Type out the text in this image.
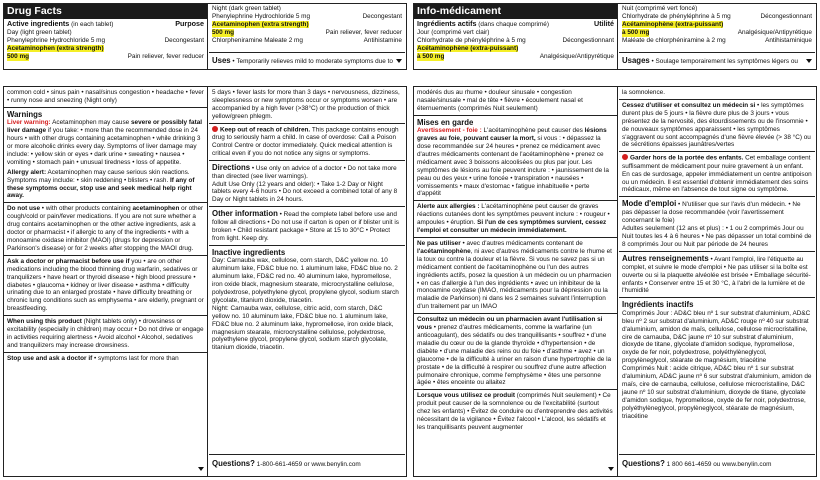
Drug Facts
Active ingredients (in each tablet)	Purpose
Day (light green tablet)
Phenylephrine Hydrochloride 5 mg	Decongestant
Acetaminophen (extra strength)
500 mg	Pain reliever, fever reducer
Night (dark green tablet)
Phenylephrine Hydrochloride 5 mg	Decongestant
Acetaminophen (extra strength)
500 mg	Pain reliever, fever reducer
Chlorpheniramine Maleate 2 mg	Antihistamine
Uses • Temporarily relieves mild to moderate symptoms due to
Info-médicament
Ingrédients actifs (dans chaque comprimé)	Utilité
Jour (comprimé vert clair)
Chlorhydrate de phényléphrine à 5 mg	Décongestionnant
Acétaminophène (extra-puissant)
à 500 mg	Analgésique/Antipyrétique
Nuit (comprimé vert foncé)
Chlorhydrate de phényléphrine à 5 mg	Décongestionnant
Acétaminophène (extra-puissant)
à 500 mg	Analgésique/Antipyrétique
Maléate de chlorphéniramine à 2 mg	Antihistaminique
Usages • Soulage temporairement les symptômes légers ou
common cold • sinus pain • nasal/sinus congestion • headache • fever • runny nose and sneezing (Night only)
Warnings
Liver warning: Acetaminophen may cause severe or possibly fatal liver damage if you take: • more than the recommended dose in 24 hours • with other drugs containing acetaminophen • while drinking 3 or more alcoholic drinks every day. Symptoms of liver damage may include: • yellow skin or eyes • dark urine • sweating • nausea • vomiting • stomach pain • unusual tiredness • loss of appetite.
Allergy alert: Acetaminophen may cause serious skin reactions. Symptoms may include: • skin reddening • blisters • rash. If any of these symptoms occur, stop use and seek medical help right away.
Do not use • with other products containing acetaminophen or other cough/cold or pain/fever medications. If you are not sure whether a drug contains acetaminophen or the other active ingredients, ask a doctor or pharmacist • if allergic to any of the ingredients • with a monoamine oxidase inhibitor (MAOI) (drugs for depression or Parkinson's disease) or for 2 weeks after stopping the MAOI drug.
Ask a doctor or pharmacist before use if you • are on other medications including the blood thinning drug warfarin, sedatives or tranquilizers • have heart or thyroid disease • high blood pressure • diabetes • glaucoma • kidney or liver disease • asthma • difficulty urinating due to an enlarged prostate • have difficulty breathing or chronic lung conditions such as emphysema • are elderly, pregnant or breastfeeding.
When using this product (Night tablets only) • drowsiness or excitability (especially in children) may occur • Do not drive or engage in activities requiring alertness • Avoid alcohol • Alcohol, sedatives and tranquilizers may increase drowsiness.
Stop use and ask a doctor if • symptoms last for more than
5 days • fever lasts for more than 3 days • nervousness, dizziness, sleeplessness or new symptoms occur or symptoms worsen • are accompanied by a high fever (>38°C) or the production of thick yellow/green phlegm.
Keep out of reach of children. This package contains enough drug to seriously harm a child. In case of overdose: Call a Poison Control Centre or doctor immediately. Quick medical attention is critical even if you do not notice any signs or symptoms.
Directions • Use only on advice of a doctor • Do not take more than directed (see liver warnings).
Adult Use Only (12 years and older): • Take 1-2 Day or Night tablets every 4-6 hours • Do not exceed a combined total of any 8 Day or Night tablets in 24 hours.
Other information • Read the complete label before use and follow all directions • Do not use if carton is open or if blister unit is broken • Child resistant package • Store at 15 to 30°C • Protect from light. Keep dry.
Inactive ingredients
Day: Carnauba wax, cellulose, corn starch, D&C yellow no. 10 aluminum lake, FD&C blue no. 1 aluminum lake, FD&C blue no. 2 aluminum lake, FD&C red no. 40 aluminum lake, hypromellose, iron oxide black, magnesium stearate, microcrystalline cellulose, polydextrose, polyethylene glycol, propylene glycol, sodium starch glycolate, titanium dioxide, triacetin.
Night: Carnauba wax, cellulose, citric acid, corn starch, D&C yellow no. 10 aluminum lake, FD&C blue no. 1 aluminum lake, FD&C blue no. 2 aluminum lake, hypromellose, iron oxide black, magnesium stearate, microcrystalline cellulose, polydextrose, polyethylene glycol, propylene glycol, sodium starch glycolate, titanium dioxide, triacetin.
Questions? 1-800-661-4659 or www.benylin.com
modérés dus au rhume • douleur sinusale • congestion nasale/sinusale • mal de tête • fièvre • écoulement nasal et éternuements (comprimés Nuit seulement)
Mises en garde
Avertissement - foie : L'acétaminophène peut causer des lésions graves au foie, pouvant causer la mort, si vous : • dépassez la dose recommandée sur 24 heures • prenez ce médicament avec d'autres médicaments contenant de l'acétaminophène • prenez ce médicament avec 3 boissons alcoolisées ou plus par jour. Les symptômes de lésions au foie peuvent inclure : • jaunissement de la peau ou des yeux • urine foncée • transpiration • nausées • vomissements • maux d'estomac • fatigue inhabituelle • perte d'appétit
Alerte aux allergies : L'acétaminophène peut causer de graves réactions cutanées dont les symptômes peuvent inclure : • rougeur • ampoules • éruption. Si l'un de ces symptômes survient, cessez l'emploi et consulter un médecin immédiatement.
Ne pas utiliser • avec d'autres médicaments contenant de l'acétaminophène, ni avec d'autres médicaments contre le rhume et la toux ou contre la douleur et la fièvre. Si vous ne savez pas si un médicament contient de l'acétaminophène ou l'un des autres ingrédients actifs, posez la question à un médecin ou un pharmacien • en cas d'allergie à l'un des ingrédients • avec un inhibiteur de la monoamine oxydase (IMAO, médicaments pour la dépression ou la maladie de Parkinson) ni dans les 2 semaines suivant l'interruption d'un traitement par un IMAO
Consultez un médecin ou un pharmacien avant l'utilisation si vous • prenez d'autres médicaments, comme la warfarine (un anticoagulant), des sédatifs ou des tranquillisants • souffrez • d'une maladie du cœur ou de la glande thyroïde • d'hypertension • de diabète • d'une maladie des reins ou du foie • d'asthme • avez • un glaucome • de la difficulté à uriner en raison d'une hypertrophie de la prostate • de la difficulté à respirer ou souffrez d'une autre affection pulmonaire chronique, comme l'emphysème • êtes une personne âgée • êtes enceinte ou allaitez
Lorsque vous utilisez ce produit (comprimés Nuit seulement) • Ce produit peut causer de la somnolence ou de l'excitabilité (surtout chez les enfants) • Évitez de conduire ou d'entreprendre des activités nécessitant de la vigilance • Évitez l'alcool • L'alcool, les sédatifs et les tranquillisants peuvent augmenter
la somnolence.
Cessez d'utiliser et consultez un médecin si • les symptômes durent plus de 5 jours • la fièvre dure plus de 3 jours • vous présentez de la nervosité, des étourdissements ou de l'insomnie • de nouveaux symptômes apparaissent • les symptômes s'aggravent ou sont accompagnés d'une fièvre élevée (> 38 °C) ou de sécrétions épaisses jaunâtres/vertes
Garder hors de la portée des enfants. Cet emballage contient suffisamment de médicament pour nuire gravement à un enfant. En cas de surdosage, appeler immédiatement un centre antipoison ou un médecin. Il est essentiel d'obtenir immédiatement des soins médicaux, même en l'absence de tout signe ou symptôme.
Mode d'emploi • N'utiliser que sur l'avis d'un médecin. • Ne pas dépasser la dose recommandée (voir l'avertissement concernant le foie)
Adultes seulement (12 ans et plus) : • 1 ou 2 comprimés Jour ou Nuit toutes les 4 à 6 heures • Ne pas dépasser un total combiné de 8 comprimés Jour ou Nuit par période de 24 heures
Autres renseignements • Avant l'emploi, lire l'étiquette au complet, et suivre le mode d'emploi • Ne pas utiliser si la boîte est ouverte ou si la plaquette alvéolée est brisée • Emballage sécurité-enfants • Conserver entre 15 et 30 °C, à l'abri de la lumière et de l'humidité
Ingrédients inactifs
Comprimés Jour : AD&C bleu nº 1 sur substrat d'aluminium, AD&C bleu nº 2 sur substrat d'aluminium, AD&C rouge nº 40 sur substrat d'aluminium, amidon de maïs, cellulose, cellulose microcristalline, cire de carnauba, D&C jaune nº 10 sur substrat d'aluminium, dioxyde de titane, glycolate d'amidon sodique, hypromellose, oxyde de fer noir, polydextrose, polyéthylèneglycol, propylèneglycol, stéarate de magnésium, triacétine
Comprimés Nuit : acide citrique, AD&C bleu nº 1 sur substrat d'aluminium, AD&C jaune nº 6 sur substrat d'aluminium, amidon de maïs, cire de carnauba, cellulose, cellulose microcristalline, D&C jaune nº 10 sur substrat d'aluminium, dioxyde de titane, glycolate d'amidon sodique, hypromellose, oxyde de fer noir, polydextrose, polyéthylèneglycol, propylèneglycol, stéarate de magnésium, triacétine
Questions? 1 800 661-4659 ou www.benylin.com
